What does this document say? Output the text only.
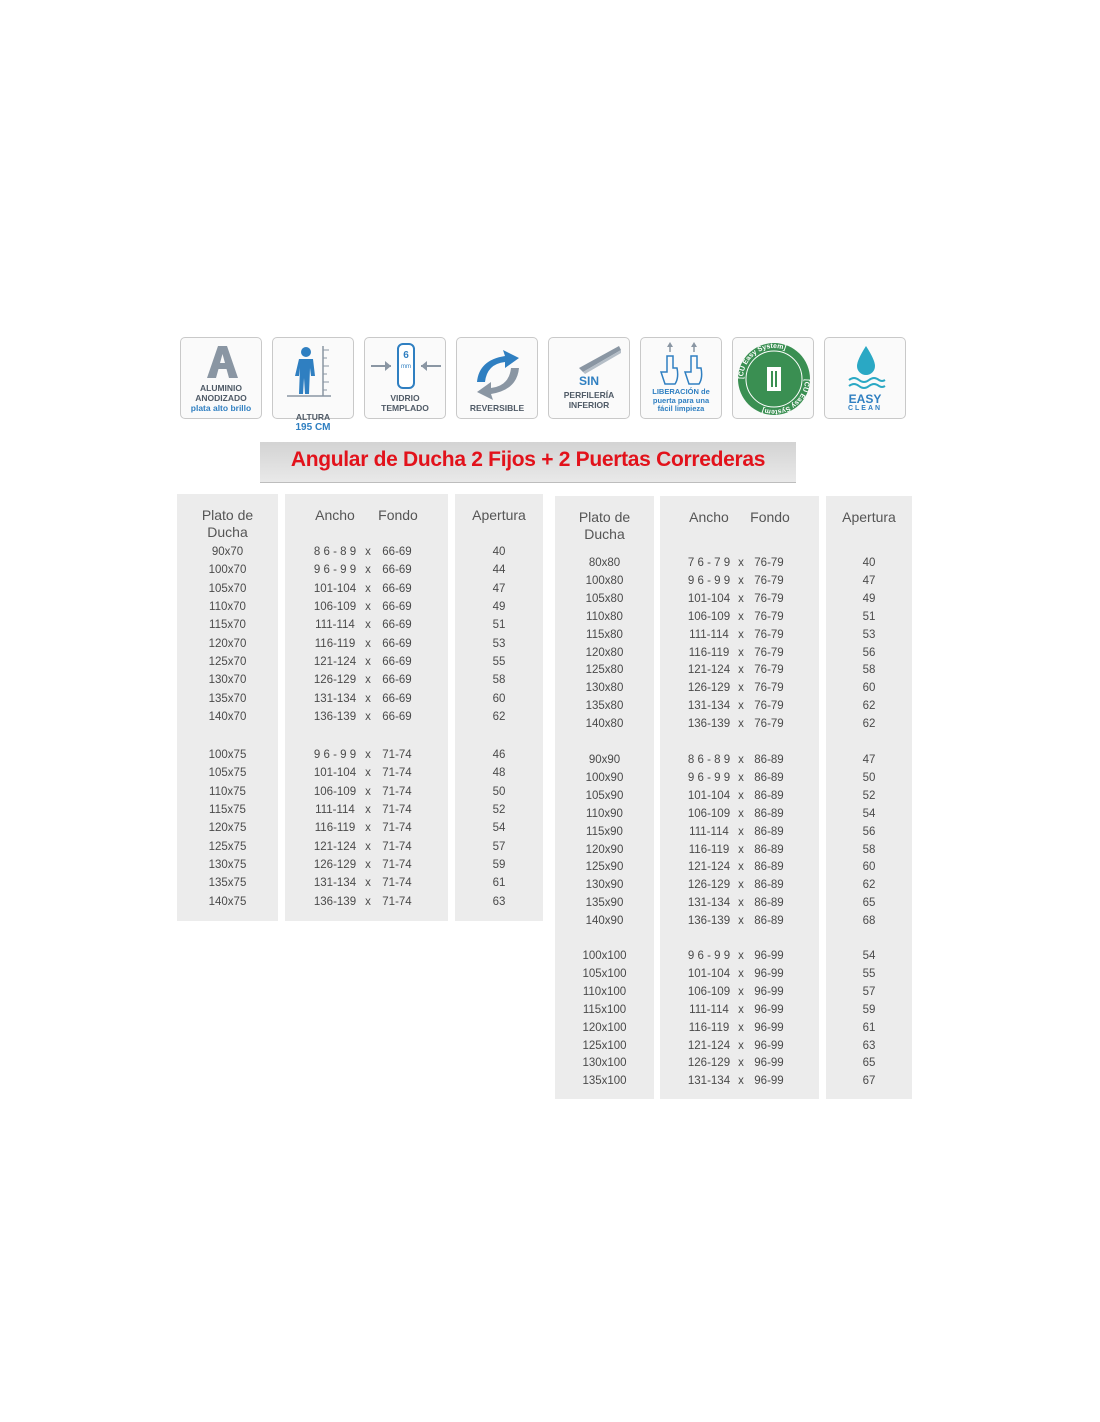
ALUMINIO
ANODIZADO
plata alto brillo

ALTURA
195 CM

6
mm
VIDRIO
TEMPLADO	REVERSIBLE
SIN
PERFILERÍA
INFERIOR
LIBERACIÓN de
puerta para una
fácil limpieza
[CU Easy System]
[CU Easy System]
EASY
CLEAN
Angular de Ducha 2 Fijos + 2 Puertas Correderas
Plato de
Ducha
Ancho	Fondo	Apertura
90x70	8 6 - 8 9 x 66-69	40
100x70	9 6 - 9 9 x 66-69	44
105x70	101-104 x 66-69	47
110x70	106-109 x 66-69	49
115x70	111-114 x 66-69	51
120x70	116-119 x 66-69	53
125x70	121-124 x 66-69	55
130x70	126-129 x 66-69	58
135x70	131-134 x 66-69	60
140x70	136-139 x 66-69	62
100x75	9 6 - 9 9 x 71-74	46
105x75	101-104 x 71-74	48
110x75	106-109 x 71-74	50
115x75	111-114 x 71-74	52
120x75	116-119 x 71-74	54
125x75	121-124 x 71-74	57
130x75	126-129 x 71-74	59
135x75	131-134 x 71-74	61
140x75	136-139 x 71-74	63
Plato de
Ducha
Ancho	Fondo	Apertura
80x80	7 6 - 7 9 x 76-79	40
100x80	9 6 - 9 9 x 76-79	47
105x80	101-104 x 76-79	49
110x80	106-109 x 76-79	51
115x80	111-114 x 76-79	53
120x80	116-119 x 76-79	56
125x80	121-124 x 76-79	58
130x80	126-129 x 76-79	60
135x80	131-134 x 76-79	62
140x80	136-139 x 76-79	62
90x90	8 6 - 8 9 x 86-89	47
100x90	9 6 - 9 9 x 86-89	50
105x90	101-104 x 86-89	52
110x90	106-109 x 86-89	54
115x90	111-114 x 86-89	56
120x90	116-119 x 86-89	58
125x90	121-124 x 86-89	60
130x90	126-129 x 86-89	62
135x90	131-134 x 86-89	65
140x90	136-139 x 86-89	68
100x100	9 6 - 9 9 x 96-99	54
105x100	101-104 x 96-99	55
110x100	106-109 x 96-99	57
115x100	111-114 x 96-99	59
120x100	116-119 x 96-99	61
125x100	121-124 x 96-99	63
130x100	126-129 x 96-99	65
135x100	131-134 x 96-99	67
